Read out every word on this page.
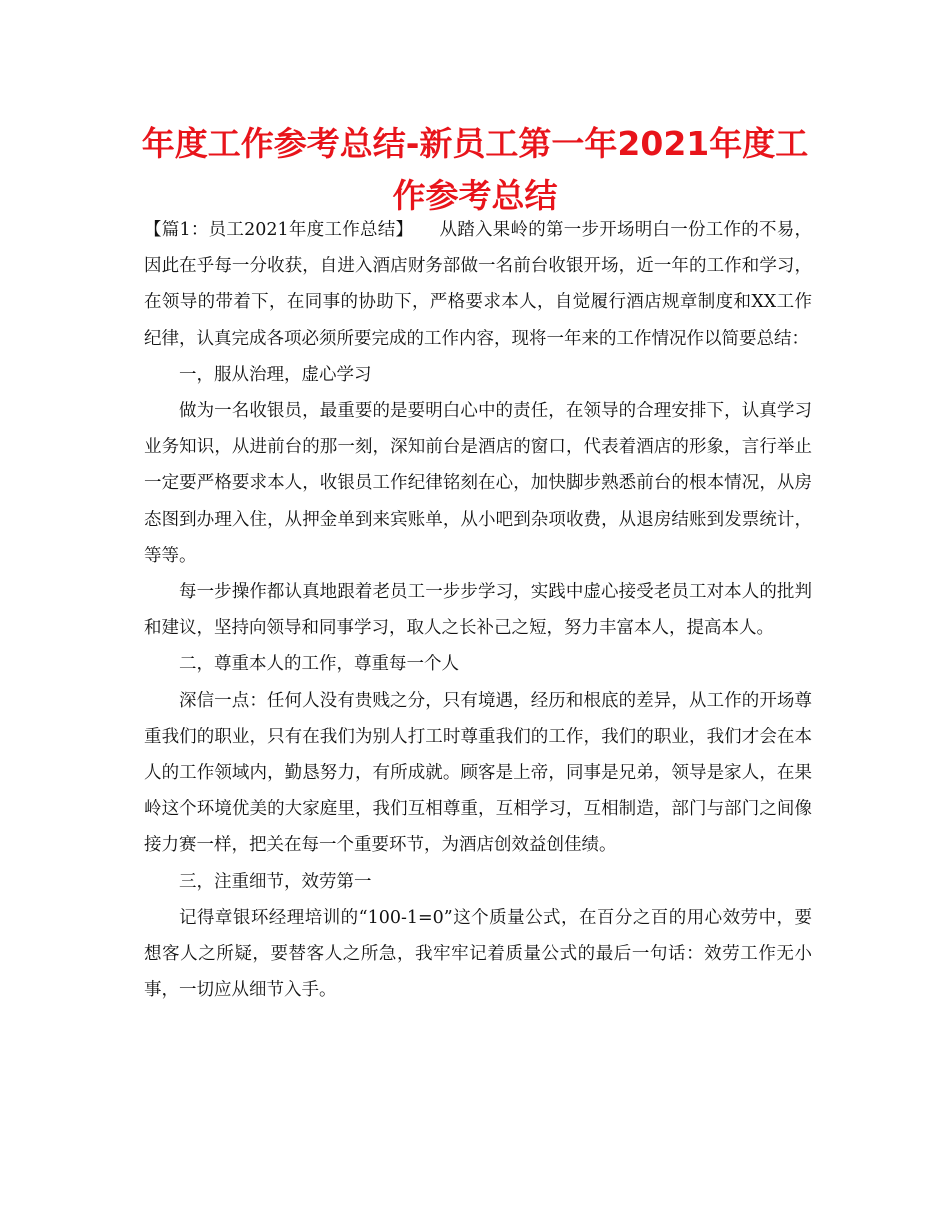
年度工作参考总结-新员工第一年2021年度工作参考总结

【篇1：员工2021年度工作总结】 从踏入果岭的第一步开场明白一份工作的不易，因此在乎每一分收获，自进入酒店财务部做一名前台收银开场，近一年的工作和学习，在领导的带着下，在同事的协助下，严格要求本人，自觉履行酒店规章制度和XX工作纪律，认真完成各项必须所要完成的工作内容，现将一年来的工作情况作以简要总结：

一，服从治理，虚心学习

做为一名收银员，最重要的是要明白心中的责任，在领导的合理安排下，认真学习业务知识，从进前台的那一刻，深知前台是酒店的窗口，代表着酒店的形象，言行举止一定要严格要求本人，收银员工作纪律铭刻在心，加快脚步熟悉前台的根本情况，从房态图到办理入住，从押金单到来宾账单，从小吧到杂项收费，从退房结账到发票统计，等等。

每一步操作都认真地跟着老员工一步步学习，实践中虚心接受老员工对本人的批判和建议，坚持向领导和同事学习，取人之长补己之短，努力丰富本人，提高本人。

二，尊重本人的工作，尊重每一个人

深信一点：任何人没有贵贱之分，只有境遇，经历和根底的差异，从工作的开场尊重我们的职业，只有在我们为别人打工时尊重我们的工作，我们的职业，我们才会在本人的工作领域内，勤恳努力，有所成就。顾客是上帝，同事是兄弟，领导是家人，在果岭这个环境优美的大家庭里，我们互相尊重，互相学习，互相制造，部门与部门之间像接力赛一样，把关在每一个重要环节，为酒店创效益创佳绩。

三，注重细节，效劳第一

记得章银环经理培训的“100-1=0”这个质量公式，在百分之百的用心效劳中，要想客人之所疑，要替客人之所急，我牢牢记着质量公式的最后一句话：效劳工作无小事，一切应从细节入手。
